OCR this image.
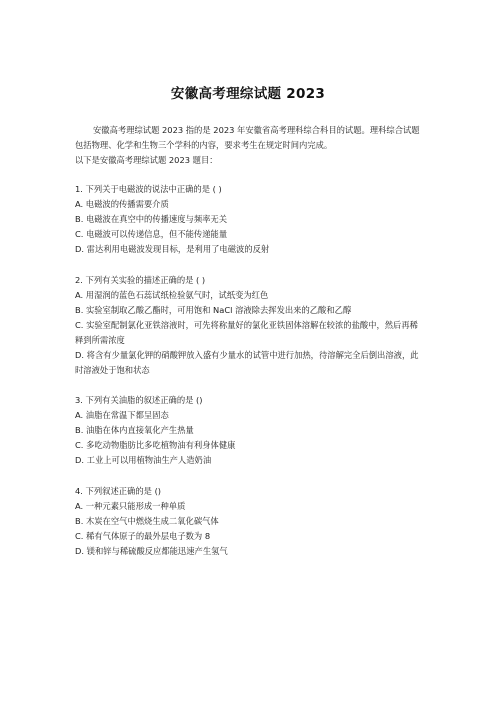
安徽高考理综试题 2023

安徽高考理综试题 2023 指的是 2023 年安徽省高考理科综合科目的试题。理科综合试题包括物理、化学和生物三个学科的内容，要求考生在规定时间内完成。

以下是安徽高考理综试题 2023 题目：

1. 下列关于电磁波的说法中正确的是 ( )
A. 电磁波的传播需要介质
B. 电磁波在真空中的传播速度与频率无关
C. 电磁波可以传递信息，但不能传递能量
D. 雷达利用电磁波发现目标，是利用了电磁波的反射
2. 下列有关实验的描述正确的是 ( )
A. 用湿润的蓝色石蕊试纸检验氨气时，试纸变为红色
B. 实验室制取乙酸乙酯时，可用饱和 NaCl 溶液除去挥发出来的乙酸和乙醇
C. 实验室配制氯化亚铁溶液时，可先将称量好的氯化亚铁固体溶解在较浓的盐酸中，然后再稀释到所需浓度
D. 将含有少量氯化钾的硝酸钾放入盛有少量水的试管中进行加热，待溶解完全后倒出溶液，此时溶液处于饱和状态
3. 下列有关油脂的叙述正确的是 ()
A. 油脂在常温下都呈固态
B. 油脂在体内直接氧化产生热量
C. 多吃动物脂肪比多吃植物油有利身体健康
D. 工业上可以用植物油生产人造奶油
4. 下列叙述正确的是 ()
A. 一种元素只能形成一种单质
B. 木炭在空气中燃烧生成二氧化碳气体
C. 稀有气体原子的最外层电子数为 8
D. 镁和锌与稀硫酸反应都能迅速产生氢气
